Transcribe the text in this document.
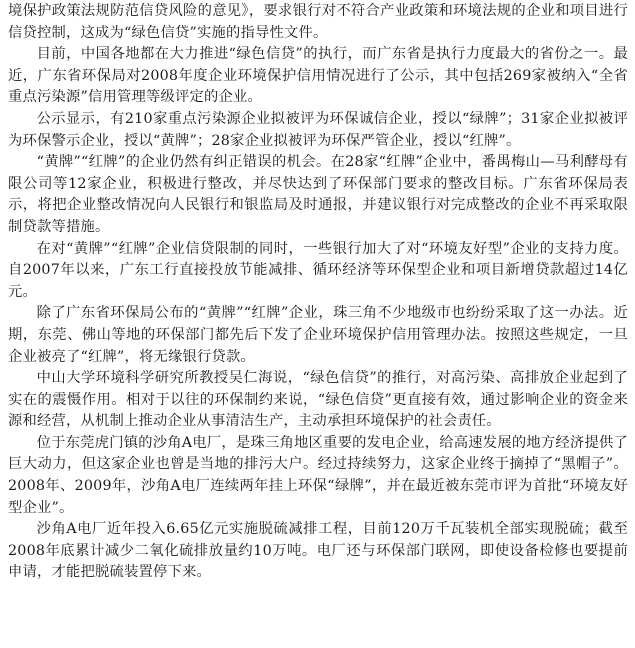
境保护政策法规防范信贷风险的意见》，要求银行对不符合产业政策和环境法规的企业和项目进行信贷控制，这成为“绿色信贷”实施的指导性文件。

目前，中国各地都在大力推进“绿色信贷”的执行，而广东省是执行力度最大的省份之一。最近，广东省环保局对2008年度企业环境保护信用情况进行了公示，其中包括269家被纳入“全省重点污染源”信用管理等级评定的企业。

公示显示，有210家重点污染源企业拟被评为环保诚信企业，授以“绿牌”；31家企业拟被评为环保警示企业，授以“黄牌”；28家企业拟被评为环保严管企业，授以“红牌”。

“黄牌”“红牌”的企业仍然有纠正错误的机会。在28家“红牌”企业中，番禺梅山—马利酵母有限公司等12家企业，积极进行整改，并尽快达到了环保部门要求的整改目标。广东省环保局表示，将把企业整改情况向人民银行和银监局及时通报，并建议银行对完成整改的企业不再采取限制贷款等措施。

在对“黄牌”“红牌”企业信贷限制的同时，一些银行加大了对“环境友好型”企业的支持力度。自2007年以来，广东工行直接投放节能减排、循环经济等环保型企业和项目新增贷款超过14亿元。

除了广东省环保局公布的“黄牌”“红牌”企业，珠三角不少地级市也纷纷采取了这一办法。近期，东莞、佛山等地的环保部门都先后下发了企业环境保护信用管理办法。按照这些规定，一旦企业被亮了“红牌”，将无缘银行贷款。

中山大学环境科学研究所教授吴仁海说，“绿色信贷”的推行，对高污染、高排放企业起到了实在的震慑作用。相对于以往的环保制约来说，“绿色信贷”更直接有效，通过影响企业的资金来源和经营，从机制上推动企业从事清洁生产，主动承担环境保护的社会责任。

位于东莞虎门镇的沙角A电厂，是珠三角地区重要的发电企业，给高速发展的地方经济提供了巨大动力，但这家企业也曾是当地的排污大户。经过持续努力，这家企业终于摘掉了“黑帽子”。2008年、2009年，沙角A电厂连续两年挂上环保“绿牌”，并在最近被东莞市评为首批“环境友好型企业”。

沙角A电厂近年投入6.65亿元实施脱硫减排工程，目前120万千瓦装机全部实现脱硫；截至2008年底累计减少二氧化硫排放量约10万吨。电厂还与环保部门联网，即使设备检修也要提前申请，才能把脱硫装置停下来。
